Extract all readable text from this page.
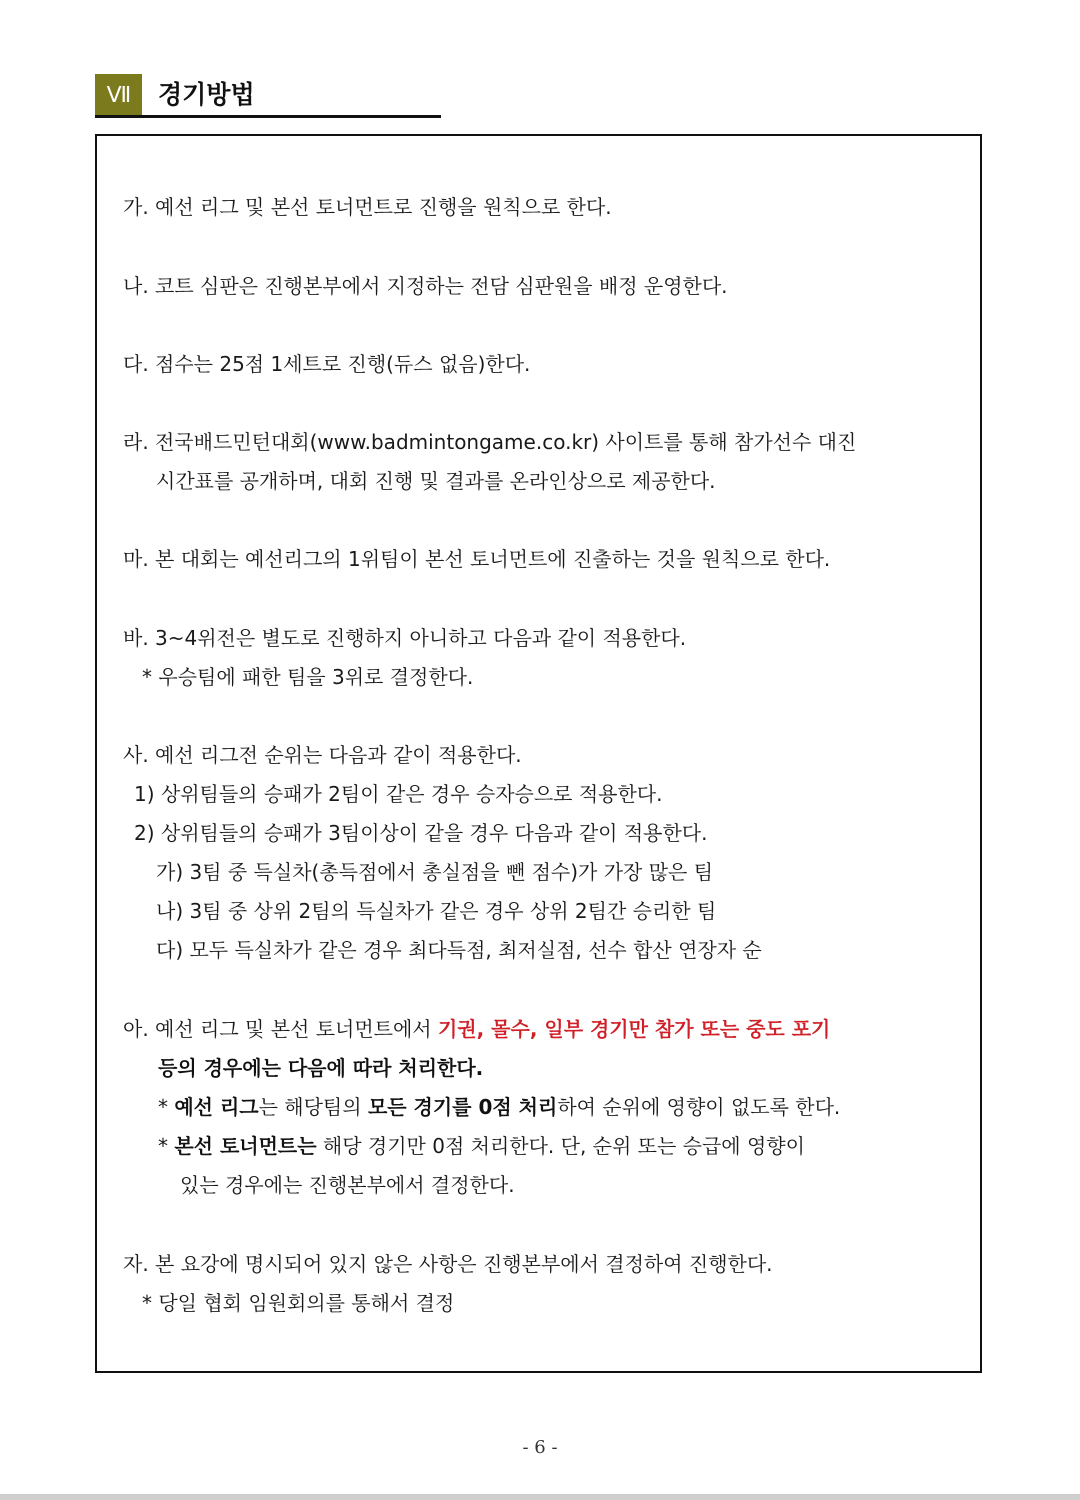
Ⅶ	경기방법
가. 예선 리그 및 본선 토너먼트로 진행을 원칙으로 한다.
나. 코트 심판은 진행본부에서 지정하는 전담 심판원을 배정 운영한다.
다. 점수는 25점 1세트로 진행(듀스 없음)한다.
라. 전국배드민턴대회(www.badmintongame.co.kr) 사이트를 통해 참가선수 대진
시간표를 공개하며, 대회 진행 및 결과를 온라인상으로 제공한다.
마. 본 대회는 예선리그의 1위팀이 본선 토너먼트에 진출하는 것을 원칙으로 한다.
바. 3~4위전은 별도로 진행하지 아니하고 다음과 같이 적용한다.
* 우승팀에 패한 팀을 3위로 결정한다.
사. 예선 리그전 순위는 다음과 같이 적용한다.
1) 상위팀들의 승패가 2팀이 같은 경우 승자승으로 적용한다.
2) 상위팀들의 승패가 3팀이상이 같을 경우 다음과 같이 적용한다.
가) 3팀 중 득실차(총득점에서 총실점을 뺀 점수)가 가장 많은 팀
나) 3팀 중 상위 2팀의 득실차가 같은 경우 상위 2팀간 승리한 팀
다) 모두 득실차가 같은 경우 최다득점, 최저실점, 선수 합산 연장자 순
아. 예선 리그 및 본선 토너먼트에서 기권, 몰수, 일부 경기만 참가 또는 중도 포기
등의 경우에는 다음에 따라 처리한다.
* 예선 리그는 해당팀의 모든 경기를 0점 처리하여 순위에 영향이 없도록 한다.
* 본선 토너먼트는 해당 경기만 0점 처리한다. 단, 순위 또는 승급에 영향이
있는 경우에는 진행본부에서 결정한다.
자. 본 요강에 명시되어 있지 않은 사항은 진행본부에서 결정하여 진행한다.
* 당일 협회 임원회의를 통해서 결정
- 6 -
